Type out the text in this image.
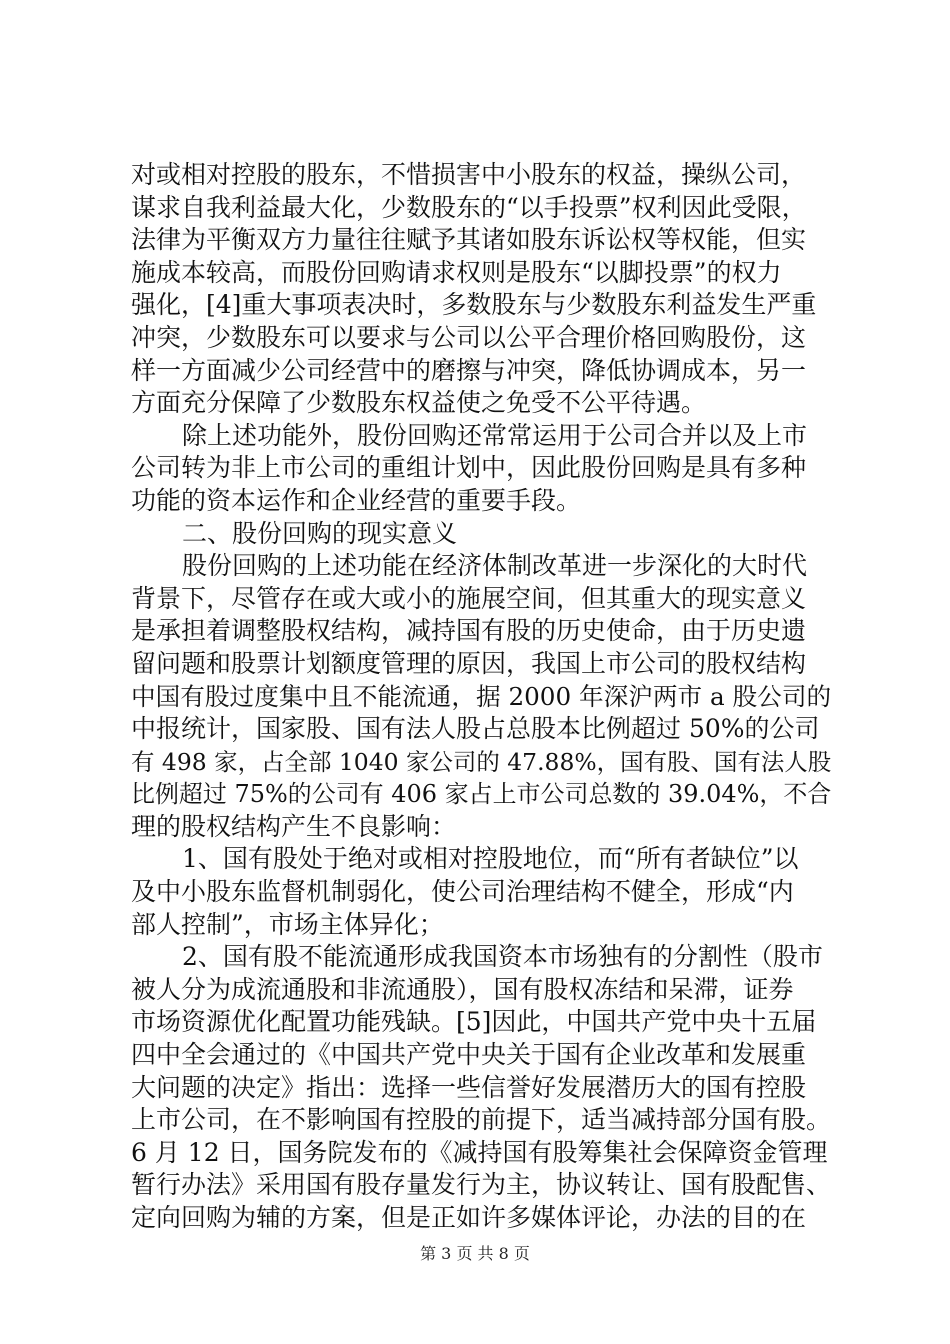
对或相对控股的股东，不惜损害中小股东的权益，操纵公司，
谋求自我利益最大化，少数股东的“以手投票”权利因此受限，
法律为平衡双方力量往往赋予其诸如股东诉讼权等权能，但实
施成本较高，而股份回购请求权则是股东“以脚投票”的权力
强化，[4]重大事项表决时，多数股东与少数股东利益发生严重
冲突，少数股东可以要求与公司以公平合理价格回购股份，这
样一方面减少公司经营中的磨擦与冲突，降低协调成本，另一
方面充分保障了少数股东权益使之免受不公平待遇。
除上述功能外，股份回购还常常运用于公司合并以及上市
公司转为非上市公司的重组计划中，因此股份回购是具有多种
功能的资本运作和企业经营的重要手段。
二、股份回购的现实意义
股份回购的上述功能在经济体制改革进一步深化的大时代
背景下，尽管存在或大或小的施展空间，但其重大的现实意义
是承担着调整股权结构，减持国有股的历史使命，由于历史遗
留问题和股票计划额度管理的原因，我国上市公司的股权结构
中国有股过度集中且不能流通，据 2000 年深沪两市 a 股公司的
中报统计，国家股、国有法人股占总股本比例超过 50%的公司
有 498 家，占全部 1040 家公司的 47.88%，国有股、国有法人股
比例超过 75%的公司有 406 家占上市公司总数的 39.04%，不合
理的股权结构产生不良影响：
1、国有股处于绝对或相对控股地位，而“所有者缺位”以
及中小股东监督机制弱化，使公司治理结构不健全，形成“内
部人控制”，市场主体异化；
2、国有股不能流通形成我国资本市场独有的分割性（股市
被人分为成流通股和非流通股），国有股权冻结和呆滞，证券
市场资源优化配置功能残缺。[5]因此，中国共产党中央十五届
四中全会通过的《中国共产党中央关于国有企业改革和发展重
大问题的决定》指出：选择一些信誉好发展潜历大的国有控股
上市公司，在不影响国有控股的前提下，适当减持部分国有股。
6 月 12 日，国务院发布的《减持国有股筹集社会保障资金管理
暂行办法》采用国有股存量发行为主，协议转让、国有股配售、
定向回购为辅的方案，但是正如许多媒体评论，办法的目的在
第 3 页 共 8 页
